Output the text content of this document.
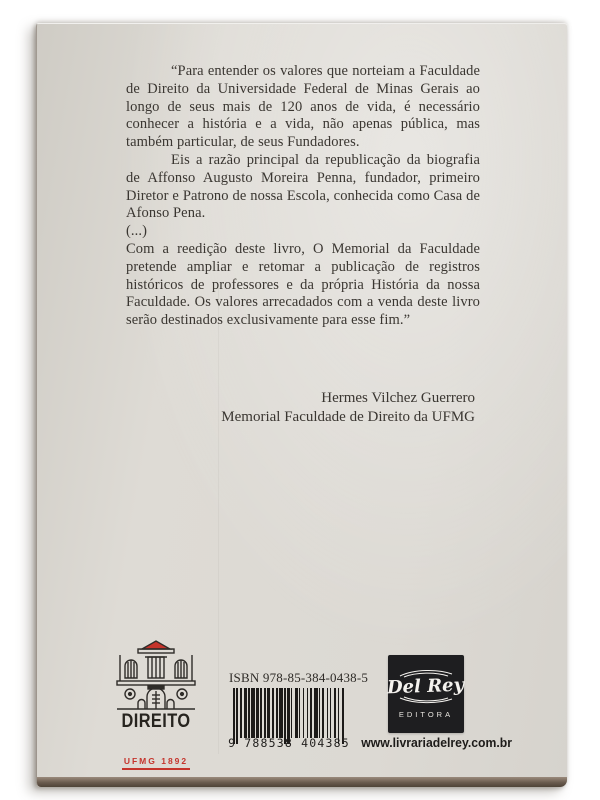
“Para entender os valores que norteiam a Faculdade de Direito da Universidade Federal de Minas Gerais ao longo de seus mais de 120 anos de vida, é necessário conhecer a história e a vida, não apenas pública, mas também particular, de seus Fundadores.

Eis a razão principal da republicação da biografia de Affonso Augusto Moreira Penna, fundador, primeiro Diretor e Patrono de nossa Escola, conhecida como Casa de Afonso Pena.

(...)

Com a reedição deste livro, O Memorial da Faculdade pretende ampliar e retomar a publicação de registros históricos de professores e da própria História da nossa Faculdade. Os valores arrecadados com a venda deste livro serão destinados exclusivamente para esse fim.”

Hermes Vilchez Guerrero
Memorial Faculdade de Direito da UFMG
DIREITO

UFMG 1892
ISBN 978-85-384-0438-5
9 788538 404385
Del Rey
EDITORA
www.livrariadelrey.com.br
